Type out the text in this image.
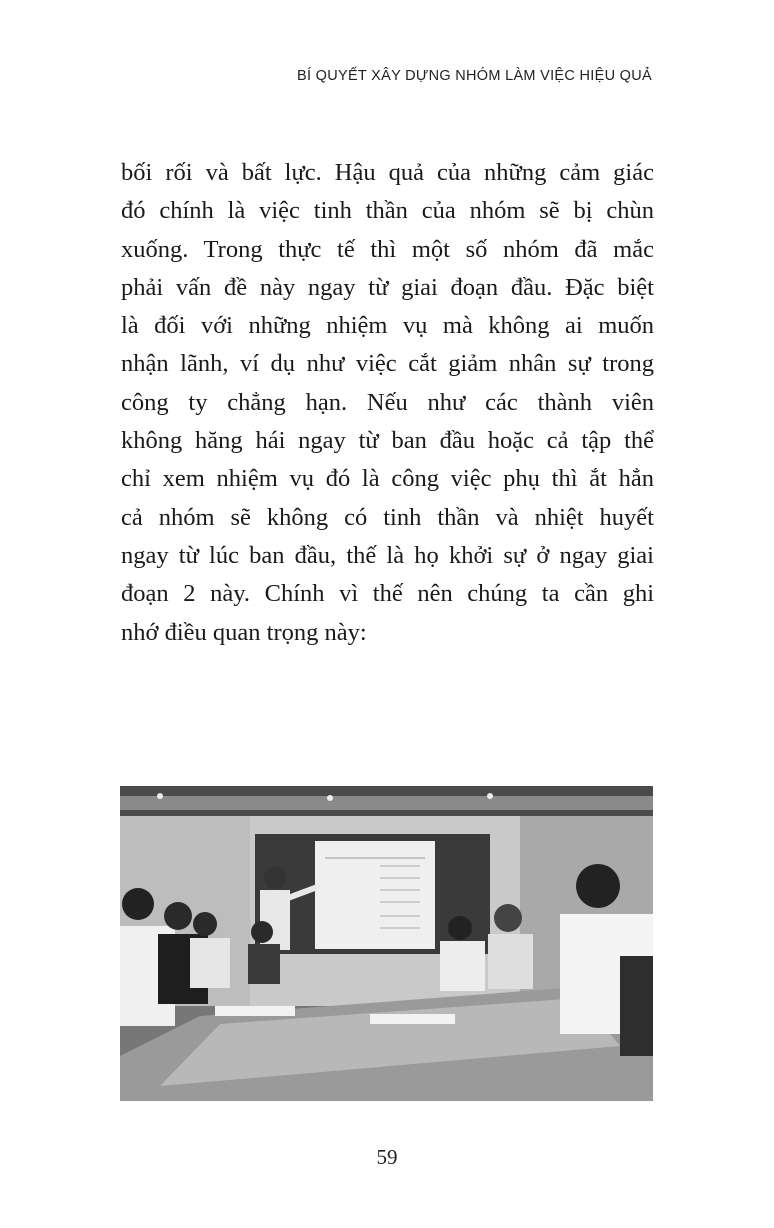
BÍ QUYẾT XÂY DỰNG NHÓM LÀM VIỆC HIỆU QUẢ
bối rối và bất lực. Hậu quả của những cảm giác
đó chính là việc tinh thần của nhóm sẽ bị chùn
xuống. Trong thực tế thì một số nhóm đã mắc
phải vấn đề này ngay từ giai đoạn đầu. Đặc biệt
là đối với những nhiệm vụ mà không ai muốn
nhận lãnh, ví dụ như việc cắt giảm nhân sự trong
công ty chẳng hạn. Nếu như các thành viên
không hăng hái ngay từ ban đầu hoặc cả tập thể
chỉ xem nhiệm vụ đó là công việc phụ thì ắt hẳn
cả nhóm sẽ không có tinh thần và nhiệt huyết
ngay từ lúc ban đầu, thế là họ khởi sự ở ngay giai
đoạn 2 này. Chính vì thế nên chúng ta cần ghi
nhớ điều quan trọng này:
59
